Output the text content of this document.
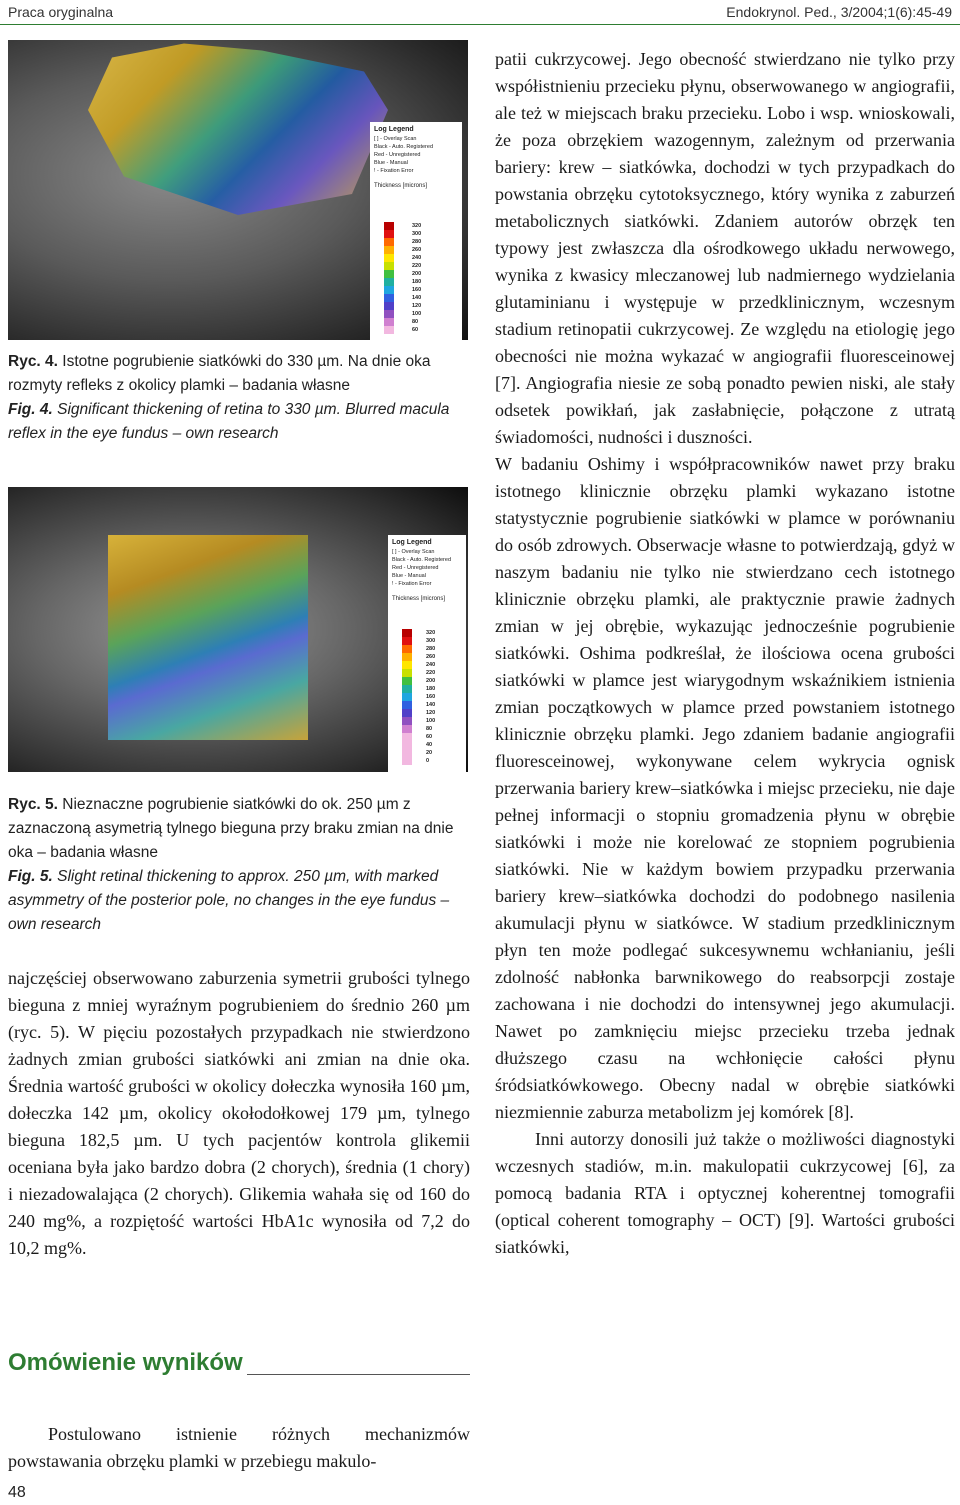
Praca oryginalna	Endokrynol. Ped., 3/2004;1(6):45-49
Log Legend
[ ] - Overlay Scan
Black - Auto. Registered
Red - Unregistered
Blue - Manual
! - Fixation Error
Thickness [microns]
320
300
280
260
240
220
200
180
160
140
120
100
80
60
Ryc. 4. Istotne pogrubienie siatkówki do 330 µm. Na dnie oka rozmyty refleks z okolicy plamki – badania własne
Fig. 4. Significant thickening of retina to 330 µm. Blurred macula reflex in the eye fundus – own research
Log Legend
[ ] - Overlay Scan
Black - Auto. Registered
Red - Unregistered
Blue - Manual
! - Fixation Error
Thickness [microns]
320
300
280
260
240
220
200
180
160
140
120
100
80
60
40
20
0
Ryc. 5. Nieznaczne pogrubienie siatkówki do ok. 250 µm z zaznaczoną asymetrią tylnego bieguna przy braku zmian na dnie oka – badania własne
Fig. 5. Slight retinal thickening to approx. 250 µm, with marked asymmetry of the posterior pole, no changes in the eye fundus – own research

najczęściej obserwowano zaburzenia symetrii grubości tylnego bieguna z mniej wyraźnym pogrubieniem do średnio 260 µm (ryc. 5). W pięciu pozostałych przypadkach nie stwierdzono żadnych zmian grubości siatkówki ani zmian na dnie oka. Średnia wartość grubości w okolicy dołeczka wynosiła 160 µm, dołeczka 142 µm, okolicy okołodołkowej 179 µm, tylnego bieguna 182,5 µm. U tych pacjentów kontrola glikemii oceniana była jako bardzo dobra (2 chorych), średnia (1 chory) i niezadowalająca (2 chorych). Glikemia wahała się od 160 do 240 mg%, a rozpiętość wartości HbA1c wynosiła od 7,2 do 10,2 mg%.

Omówienie wyników

Postulowano istnienie różnych mechanizmów powstawania obrzęku plamki w przebiegu makulo-

patii cukrzycowej. Jego obecność stwierdzano nie tylko przy współistnieniu przecieku płynu, obserwowanego w angiografii, ale też w miejscach braku przecieku. Lobo i wsp. wnioskowali, że poza obrzękiem wazogennym, zależnym od przerwania bariery: krew – siatkówka, dochodzi w tych przypadkach do powstania obrzęku cytotoksycznego, który wynika z zaburzeń metabolicznych siatkówki. Zdaniem autorów obrzęk ten typowy jest zwłaszcza dla ośrodkowego układu nerwowego, wynika z kwasicy mleczanowej lub nadmiernego wydzielania glutaminianu i występuje w przedklinicznym, wczesnym stadium retinopatii cukrzycowej. Ze względu na etiologię jego obecności nie można wykazać w angiografii fluoresceinowej [7]. Angiografia niesie ze sobą ponadto pewien niski, ale stały odsetek powikłań, jak zasłabnięcie, połączone z utratą świadomości, nudności i duszności.

W badaniu Oshimy i współpracowników nawet przy braku istotnego klinicznie obrzęku plamki wykazano istotne statystycznie pogrubienie siatkówki w plamce w porównaniu do osób zdrowych. Obserwacje własne to potwierdzają, gdyż w naszym badaniu nie tylko nie stwierdzano cech istotnego klinicznie obrzęku plamki, ale praktycznie prawie żadnych zmian w jej obrębie, wykazując jednocześnie pogrubienie siatkówki. Oshima podkreślał, że ilościowa ocena grubości siatkówki w plamce jest wiarygodnym wskaźnikiem istnienia zmian początkowych w plamce przed powstaniem istotnego klinicznie obrzęku plamki. Jego zdaniem badanie angiografii fluoresceinowej, wykonywane celem wykrycia ognisk przerwania bariery krew–siatkówka i miejsc przecieku, nie daje pełnej informacji o stopniu gromadzenia płynu w obrębie siatkówki i może nie korelować ze stopniem pogrubienia siatkówki. Nie w każdym bowiem przypadku przerwania bariery krew–siatkówka dochodzi do podobnego nasilenia akumulacji płynu w siatkówce. W stadium przedklinicznym płyn ten może podlegać sukcesywnemu wchłanianiu, jeśli zdolność nabłonka barwnikowego do reabsorpcji zostaje zachowana i nie dochodzi do intensywnej jego akumulacji. Nawet po zamknięciu miejsc przecieku trzeba jednak dłuższego czasu na wchłonięcie całości płynu śródsiatkówkowego. Obecny nadal w obrębie siatkówki niezmiennie zaburza metabolizm jej komórek [8].

Inni autorzy donosili już także o możliwości diagnostyki wczesnych stadiów, m.in. makulopatii cukrzycowej [6], za pomocą badania RTA i optycznej koherentnej tomografii (optical coherent tomography – OCT) [9]. Wartości grubości siatkówki,

48
